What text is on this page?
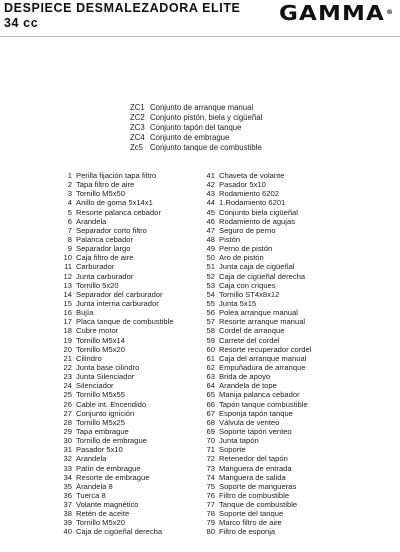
DESPIECE DESMALEZADORA ELITE
34 cc	GAMMA®
ZC1 Conjunto de arranque manual
ZC2 Conjunto pistón, biela y cigüeñal
ZC3 Conjunto tapón del tanque
ZC4 Conjunto de embrague
Zc5 Conjunto tanque de combustible
1 Perilla fijación tapa filtro
2 Tapa filtro de aire
3 Tornillo M5x50
4 Anillo de goma 5x14x1
5 Resorte palanca cebador
6 Arandela
7 Separador corto filtro
8 Palanca cebador
9 Separador largo
10 Caja filtro de aire
11 Carburador
12 Junta carburador
13 Tornillo 5x20
14 Separador del carburador
15 Junta interna carburador
16 Bujía
17 Placa tanque de combustible
18 Cubre motor
19 Tornillo M5x14
20 Tornillo M5x20
21 Cilindro
22 Junta base cilindro
23 Junta Silenciador
24 Silenciador
25 Tornillo M5x55
26 Cable int. Encendido
27 Conjunto ignición
28 Tornillo M5x25
29 Tapa embrague
30 Tornillo de embrague
31 Pasador 5x10
32 Arandela
33 Patín de embrague
34 Resorte de embrague
35 Arandela 8
36 Tuerca 8
37 Volante magnético
38 Retén de aceite
39 Tornillo M5x20
40 Caja de cigüeñal derecha
41 Chaveta de volante
42 Pasador 5x10
43 Rodamiento 6202
44 1.Rodamiento 6201
45 Conjunto biela cigüeñal
46 Rodamiento de agujas
47 Seguro de perno
48 Pistón
49 Perno de pistón
50 Aro de pistón
51 Junta caja de cigüeñal
52 Caja de cigüeñal derecha
53 Caja con criques
54 Tornillo ST4x8x12
55 Junta 5x15
56 Polea arranque manual
57 Resorte arranque manual
58 Cordel de arranque
59 Carrete del cordel
60 Resorte recuperador cordel
61 Caja del arranque manual
62 Empuñadura de arranque
63 Brida de apoyo
64 Arandela de tope
65 Manija palanca cebador
66 Tapón tanque combustible
67 Esponja tapón tanque
68 Válvula de venteo
69 Soporte tapón venteo
70 Junta tapón
71 Soporte
72 Retenedor del tapón
73 Manguera de entrada
74 Manguera de salida
75 Soporte de mangueras
76 Filtro de combustible
77 Tanque de combustible
78 Soporte del tanque
79 Marco filtro de aire
80 Filtro de esponja
